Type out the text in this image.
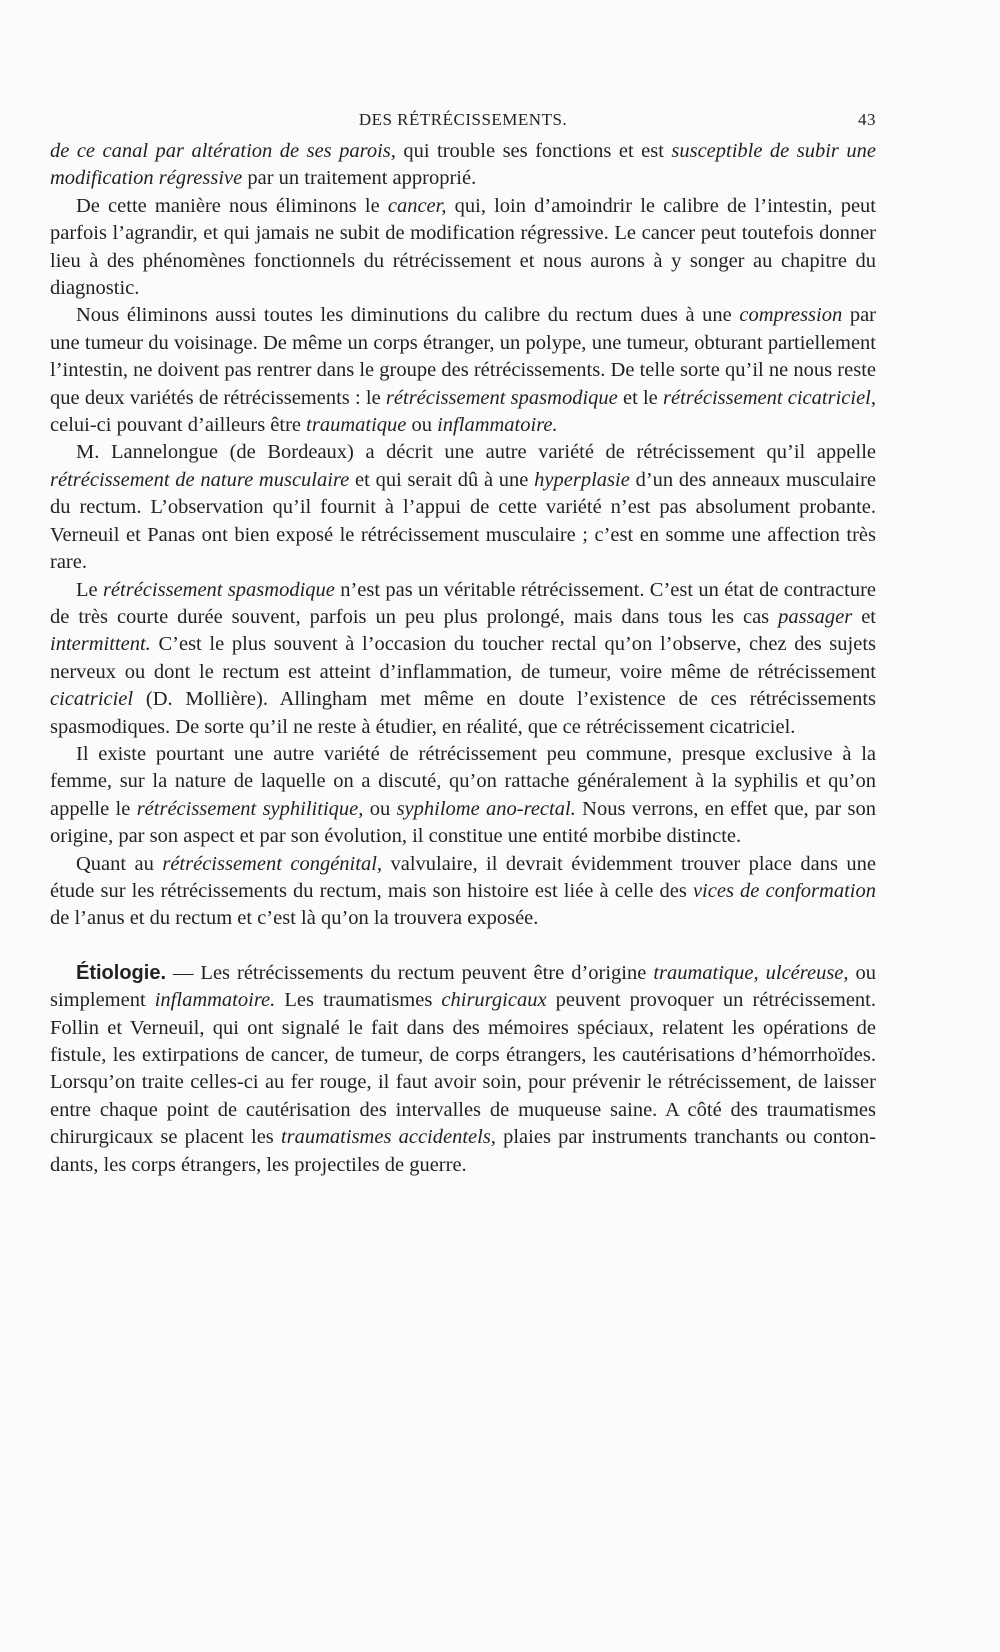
DES RÉTRÉCISSEMENTS.	43

de ce canal par altération de ses parois, qui trouble ses fonctions et est susceptible de subir une modification régressive par un traitement approprié.

De cette manière nous éliminons le cancer, qui, loin d’amoindrir le calibre de l’intestin, peut parfois l’agrandir, et qui jamais ne subit de modification régressive. Le cancer peut toutefois donner lieu à des phénomènes fonctionnels du rétrécissement et nous aurons à y songer au chapitre du diagnostic.

Nous éliminons aussi toutes les diminutions du calibre du rectum dues à une compression par une tumeur du voisinage. De même un corps étranger, un polype, une tumeur, obturant partiellement l’intestin, ne doivent pas rentrer dans le groupe des rétrécissements. De telle sorte qu’il ne nous reste que deux variétés de rétrécissements : le rétrécissement spasmodique et le rétrécissement cicatriciel, celui-ci pouvant d’ailleurs être traumatique ou inflammatoire.

M. Lannelongue (de Bordeaux) a décrit une autre variété de rétrécissement qu’il appelle rétrécissement de nature musculaire et qui serait dû à une hyperplasie d’un des anneaux musculaire du rectum. L’observation qu’il fournit à l’appui de cette variété n’est pas absolument probante. Verneuil et Panas ont bien exposé le rétrécissement musculaire ; c’est en somme une affection très rare.

Le rétrécissement spasmodique n’est pas un véritable rétrécissement. C’est un état de contracture de très courte durée souvent, parfois un peu plus prolongé, mais dans tous les cas passager et intermittent. C’est le plus souvent à l’occasion du toucher rectal qu’on l’observe, chez des sujets nerveux ou dont le rectum est atteint d’inflammation, de tumeur, voire même de rétrécissement cicatriciel (D. Mollière). Allingham met même en doute l’existence de ces rétrécissements spasmodiques. De sorte qu’il ne reste à étudier, en réalité, que ce rétrécissement cicatriciel.

Il existe pourtant une autre variété de rétrécissement peu commune, presque exclusive à la femme, sur la nature de laquelle on a discuté, qu’on rattache généralement à la syphilis et qu’on appelle le rétrécissement syphilitique, ou syphilome ano-rectal. Nous verrons, en effet que, par son origine, par son aspect et par son évolution, il constitue une entité morbibe distincte.

Quant au rétrécissement congénital, valvulaire, il devrait évidemment trouver place dans une étude sur les rétrécissements du rectum, mais son histoire est liée à celle des vices de conformation de l’anus et du rectum et c’est là qu’on la trouvera exposée.

Étiologie. — Les rétrécissements du rectum peuvent être d’origine traumatique, ulcéreuse, ou simplement inflammatoire. Les traumatismes chirurgicaux peuvent provoquer un rétrécissement. Follin et Verneuil, qui ont signalé le fait dans des mémoires spéciaux, relatent les opérations de fistule, les extirpations de cancer, de tumeur, de corps étrangers, les cautérisations d’hémorrhoïdes. Lorsqu’on traite celles-ci au fer rouge, il faut avoir soin, pour prévenir le rétrécissement, de laisser entre chaque point de cautérisation des intervalles de muqueuse saine. A côté des traumatismes chirurgicaux se placent les traumatismes accidentels, plaies par instruments tranchants ou contondants, les corps étrangers, les projectiles de guerre.
